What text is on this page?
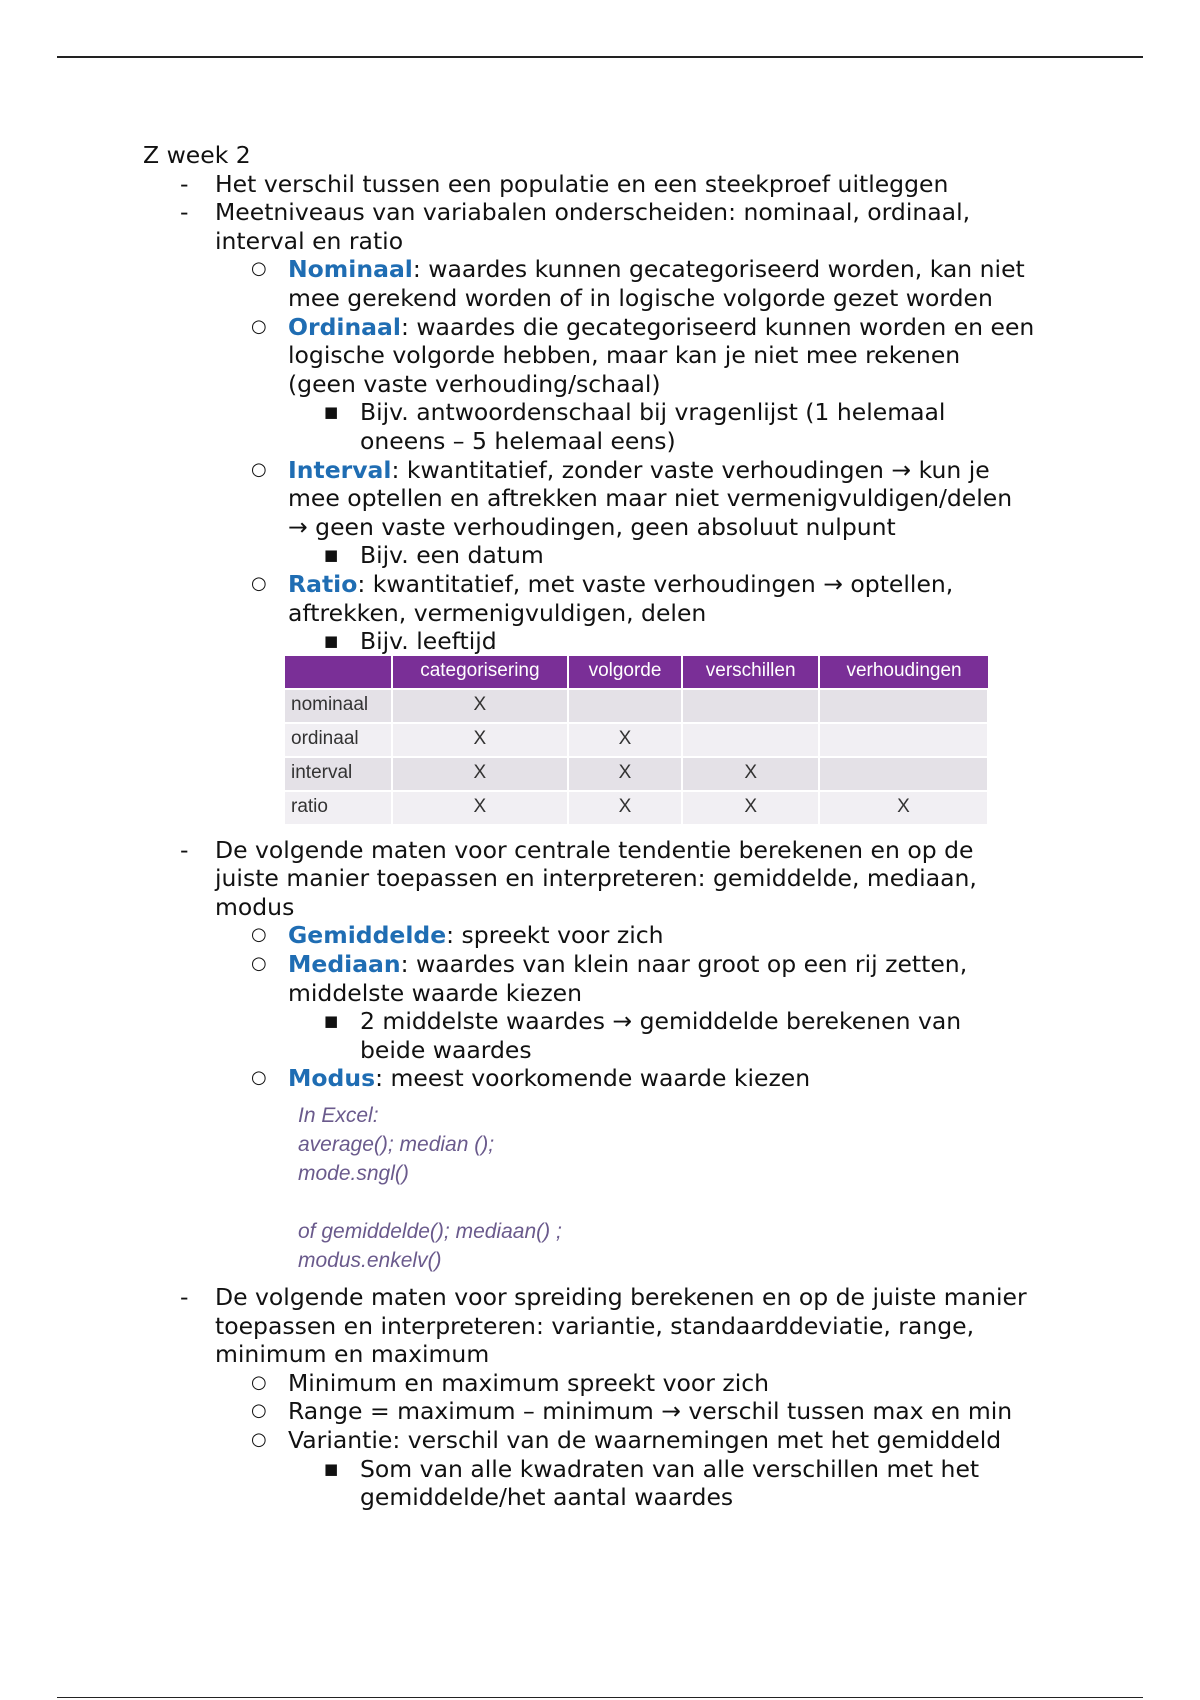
Z week 2
- Het verschil tussen een populatie en een steekproef uitleggen
- Meetniveaus van variabalen onderscheiden: nominaal, ordinaal,
interval en ratio
○ Nominaal: waardes kunnen gecategoriseerd worden, kan niet
mee gerekend worden of in logische volgorde gezet worden
○ Ordinaal: waardes die gecategoriseerd kunnen worden en een
logische volgorde hebben, maar kan je niet mee rekenen
(geen vaste verhouding/schaal)
■ Bijv. antwoordenschaal bij vragenlijst (1 helemaal
oneens – 5 helemaal eens)
○ Interval: kwantitatief, zonder vaste verhoudingen → kun je
mee optellen en aftrekken maar niet vermenigvuldigen/delen
→ geen vaste verhoudingen, geen absoluut nulpunt
■ Bijv. een datum
○ Ratio: kwantitatief, met vaste verhoudingen → optellen,
aftrekken, vermenigvuldigen, delen
■ Bijv. leeftijd
	categorisering	volgorde	verschillen	verhoudingen
nominaal	X			
ordinaal	X	X		
interval	X	X	X	
ratio	X	X	X	X
- De volgende maten voor centrale tendentie berekenen en op de
juiste manier toepassen en interpreteren: gemiddelde, mediaan,
modus
○ Gemiddelde: spreekt voor zich
○ Mediaan: waardes van klein naar groot op een rij zetten,
middelste waarde kiezen
■ 2 middelste waardes → gemiddelde berekenen van
beide waardes
○ Modus: meest voorkomende waarde kiezen
In Excel:
average(); median ();
mode.sngl()
of gemiddelde(); mediaan() ;
modus.enkelv()
- De volgende maten voor spreiding berekenen en op de juiste manier
toepassen en interpreteren: variantie, standaarddeviatie, range,
minimum en maximum
○ Minimum en maximum spreekt voor zich
○ Range = maximum – minimum → verschil tussen max en min
○ Variantie: verschil van de waarnemingen met het gemiddeld
■ Som van alle kwadraten van alle verschillen met het
gemiddelde/het aantal waardes
